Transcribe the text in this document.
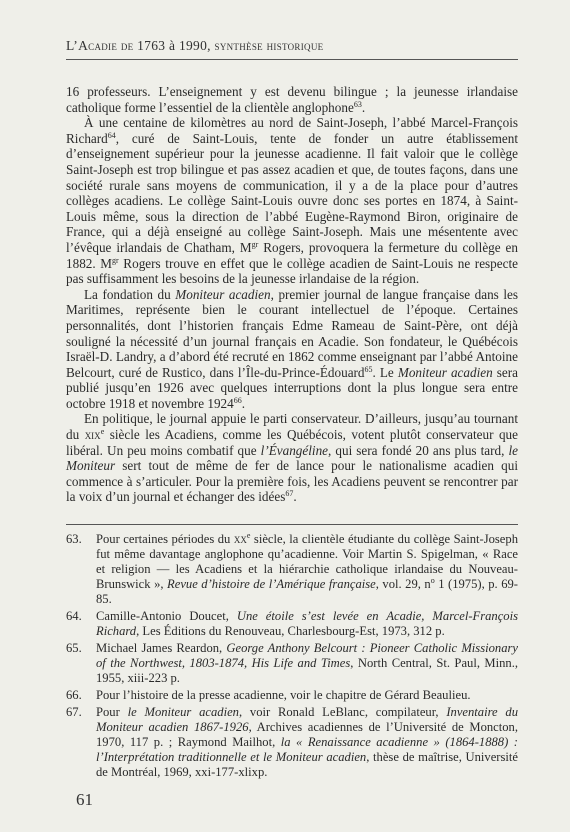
L’Acadie de 1763 à 1990, synthèse historique

16 professeurs. L’enseignement y est devenu bilingue ; la jeunesse irlandaise catholique forme l’essentiel de la clientèle anglophone$^{63}$.

À une centaine de kilomètres au nord de Saint-Joseph, l’abbé Marcel-François Richard$^{64}$, curé de Saint-Louis, tente de fonder un autre établissement d’enseignement supérieur pour la jeunesse acadienne. Il fait valoir que le collège Saint-Joseph est trop bilingue et pas assez acadien et que, de toutes façons, dans une société rurale sans moyens de communication, il y a de la place pour d’autres collèges acadiens. Le collège Saint-Louis ouvre donc ses portes en 1874, à Saint-Louis même, sous la direction de l’abbé Eugène-Raymond Biron, originaire de France, qui a déjà enseigné au collège Saint-Joseph. Mais une mésentente avec l’évêque irlandais de Chatham, $M^{gr}$ Rogers, provoquera la fermeture du collège en 1882. $M^{gr}$ Rogers trouve en effet que le collège acadien de Saint-Louis ne respecte pas suffisamment les besoins de la jeunesse irlandaise de la région.

La fondation du Moniteur acadien, premier journal de langue française dans les Maritimes, représente bien le courant intellectuel de l’époque. Certaines personnalités, dont l’historien français Edme Rameau de Saint-Père, ont déjà souligné la nécessité d’un journal français en Acadie. Son fondateur, le Québécois Israël-D. Landry, a d’abord été recruté en 1862 comme enseignant par l’abbé Antoine Belcourt, curé de Rustico, dans l’Île-du-Prince-Édouard$^{65}$. Le Moniteur acadien sera publié jusqu’en 1926 avec quelques interruptions dont la plus longue sera entre octobre 1918 et novembre 1924$^{66}$.

En politique, le journal appuie le parti conservateur. D’ailleurs, jusqu’au tournant du xix$^e$ siècle les Acadiens, comme les Québécois, votent plutôt conservateur que libéral. Un peu moins combatif que l’Évangéline, qui sera fondé 20 ans plus tard, le Moniteur sert tout de même de fer de lance pour le nationalisme acadien qui commence à s’articuler. Pour la première fois, les Acadiens peuvent se rencontrer par la voix d’un journal et échanger des idées$^{67}$.

63.	Pour certaines périodes du $xx^e$ siècle, la clientèle étudiante du collège Saint-Joseph fut même davantage anglophone qu’acadienne. Voir Martin S. Spigelman, « Race et religion — les Acadiens et la hiérarchie catholique irlandaise du Nouveau-Brunswick », Revue d’histoire de l’Amérique française, vol. 29, $n^o$ 1 (1975), p. 69-85.
64.	Camille-Antonio Doucet, Une étoile s’est levée en Acadie, Marcel-François Richard, Les Éditions du Renouveau, Charlesbourg-Est, 1973, 312 p.
65.	Michael James Reardon, George Anthony Belcourt : Pioneer Catholic Missionary of the Northwest, 1803-1874, His Life and Times, North Central, St. Paul, Minn., 1955, xiii-223 p.
66.	Pour l’histoire de la presse acadienne, voir le chapitre de Gérard Beaulieu.
67.	Pour le Moniteur acadien, voir Ronald LeBlanc, compilateur, Inventaire du Moniteur acadien 1867-1926, Archives acadiennes de l’Université de Moncton, 1970, 117 p. ; Raymond Mailhot, la « Renaissance acadienne » (1864-1888) : l’Interprétation traditionnelle et le Moniteur acadien, thèse de maîtrise, Université de Montréal, 1969, xxi-177-xlixp.
61
